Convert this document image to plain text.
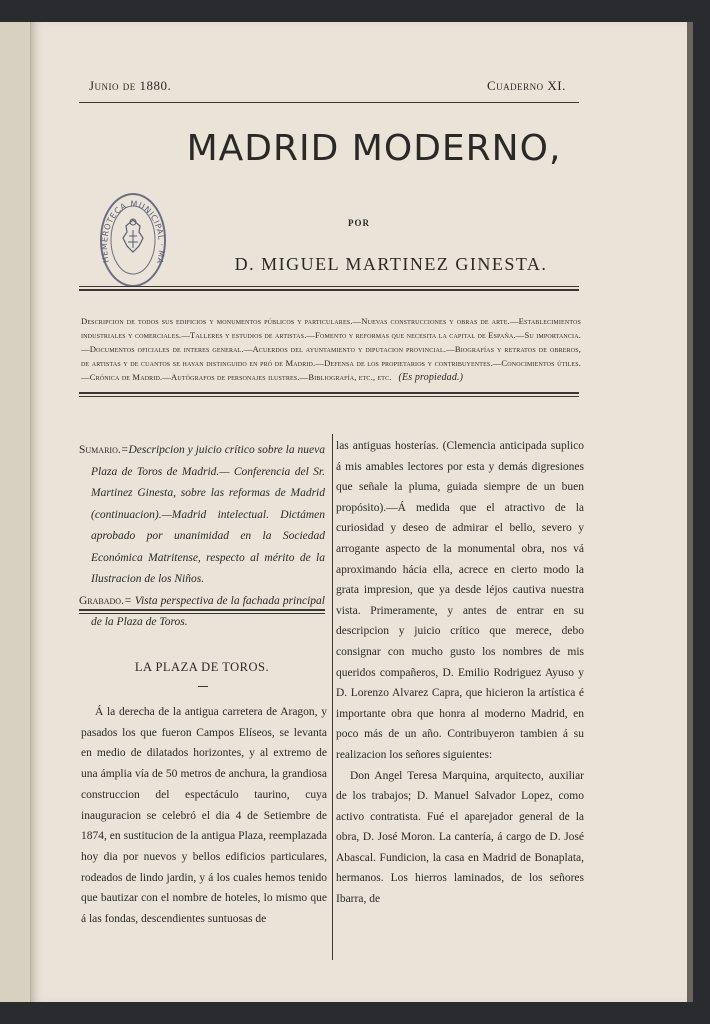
Junio de 1880.	Cuaderno XI.
MADRID MODERNO,
POR
D. MIGUEL MARTINEZ GINESTA.
HEMEROTECA MUNICIPAL · MA
Descripcion de todos sus edificios y monumentos públicos y particulares.—Nuevas construcciones y obras de arte.—Establecimientos industriales y comerciales.—Talleres y estudios de artistas.—Fomento y reformas que necesita la capital de España.—Su importancia.—Documentos oficiales de interes general.—Acuerdos del ayuntamiento y diputacion provincial.—Biografías y retratos de obreros, de artistas y de cuantos se hayan distinguido en pró de Madrid.—Defensa de los propietarios y contribuyentes.—Conocimientos útiles.—Crónica de Madrid.—Autógrafos de personajes ilustres.—Bibliografía, etc., etc. (Es propiedad.)

Sumario.=Descripcion y juicio crítico sobre la nueva Plaza de Toros de Madrid.— Conferencia del Sr. Martinez Ginesta, sobre las reformas de Madrid (continuacion).—Madrid intelectual. Dictámen aprobado por unanimidad en la Sociedad Económica Matritense, respecto al mérito de la Ilustracion de los Niños.

Grabado.= Vista perspectiva de la fachada principal de la Plaza de Toros.

LA PLAZA DE TOROS.

Á la derecha de la antigua carretera de Aragon, y pasados los que fueron Campos Elíseos, se levanta en medio de dilatados horizontes, y al extremo de una ámplia vía de 50 metros de anchura, la grandiosa construccion del espectáculo taurino, cuya inauguracion se celebró el dia 4 de Setiembre de 1874, en sustitucion de la antigua Plaza, reemplazada hoy dia por nuevos y bellos edificios particulares, rodeados de lindo jardin, y á los cuales hemos tenido que bautizar con el nombre de hoteles, lo mismo que á las fondas, descendientes suntuosas de

las antiguas hosterías. (Clemencia anticipada suplico á mis amables lectores por esta y demás digresiones que señale la pluma, guiada siempre de un buen propósito).—Á medida que el atractivo de la curiosidad y deseo de admirar el bello, severo y arrogante aspecto de la monumental obra, nos vá aproximando hácia ella, acrece en cierto modo la grata impresion, que ya desde léjos cautiva nuestra vista. Primeramente, y antes de entrar en su descripcion y juicio crítico que merece, debo consignar con mucho gusto los nombres de mis queridos compañeros, D. Emilio Rodriguez Ayuso y D. Lorenzo Alvarez Capra, que hicieron la artística é importante obra que honra al moderno Madrid, en poco más de un año. Contribuyeron tambien á su realizacion los señores siguientes:

Don Angel Teresa Marquina, arquitecto, auxiliar de los trabajos; D. Manuel Salvador Lopez, como activo contratista. Fué el aparejador general de la obra, D. José Moron. La cantería, á cargo de D. José Abascal. Fundicion, la casa en Madrid de Bonaplata, hermanos. Los hierros laminados, de los señores Ibarra, de
